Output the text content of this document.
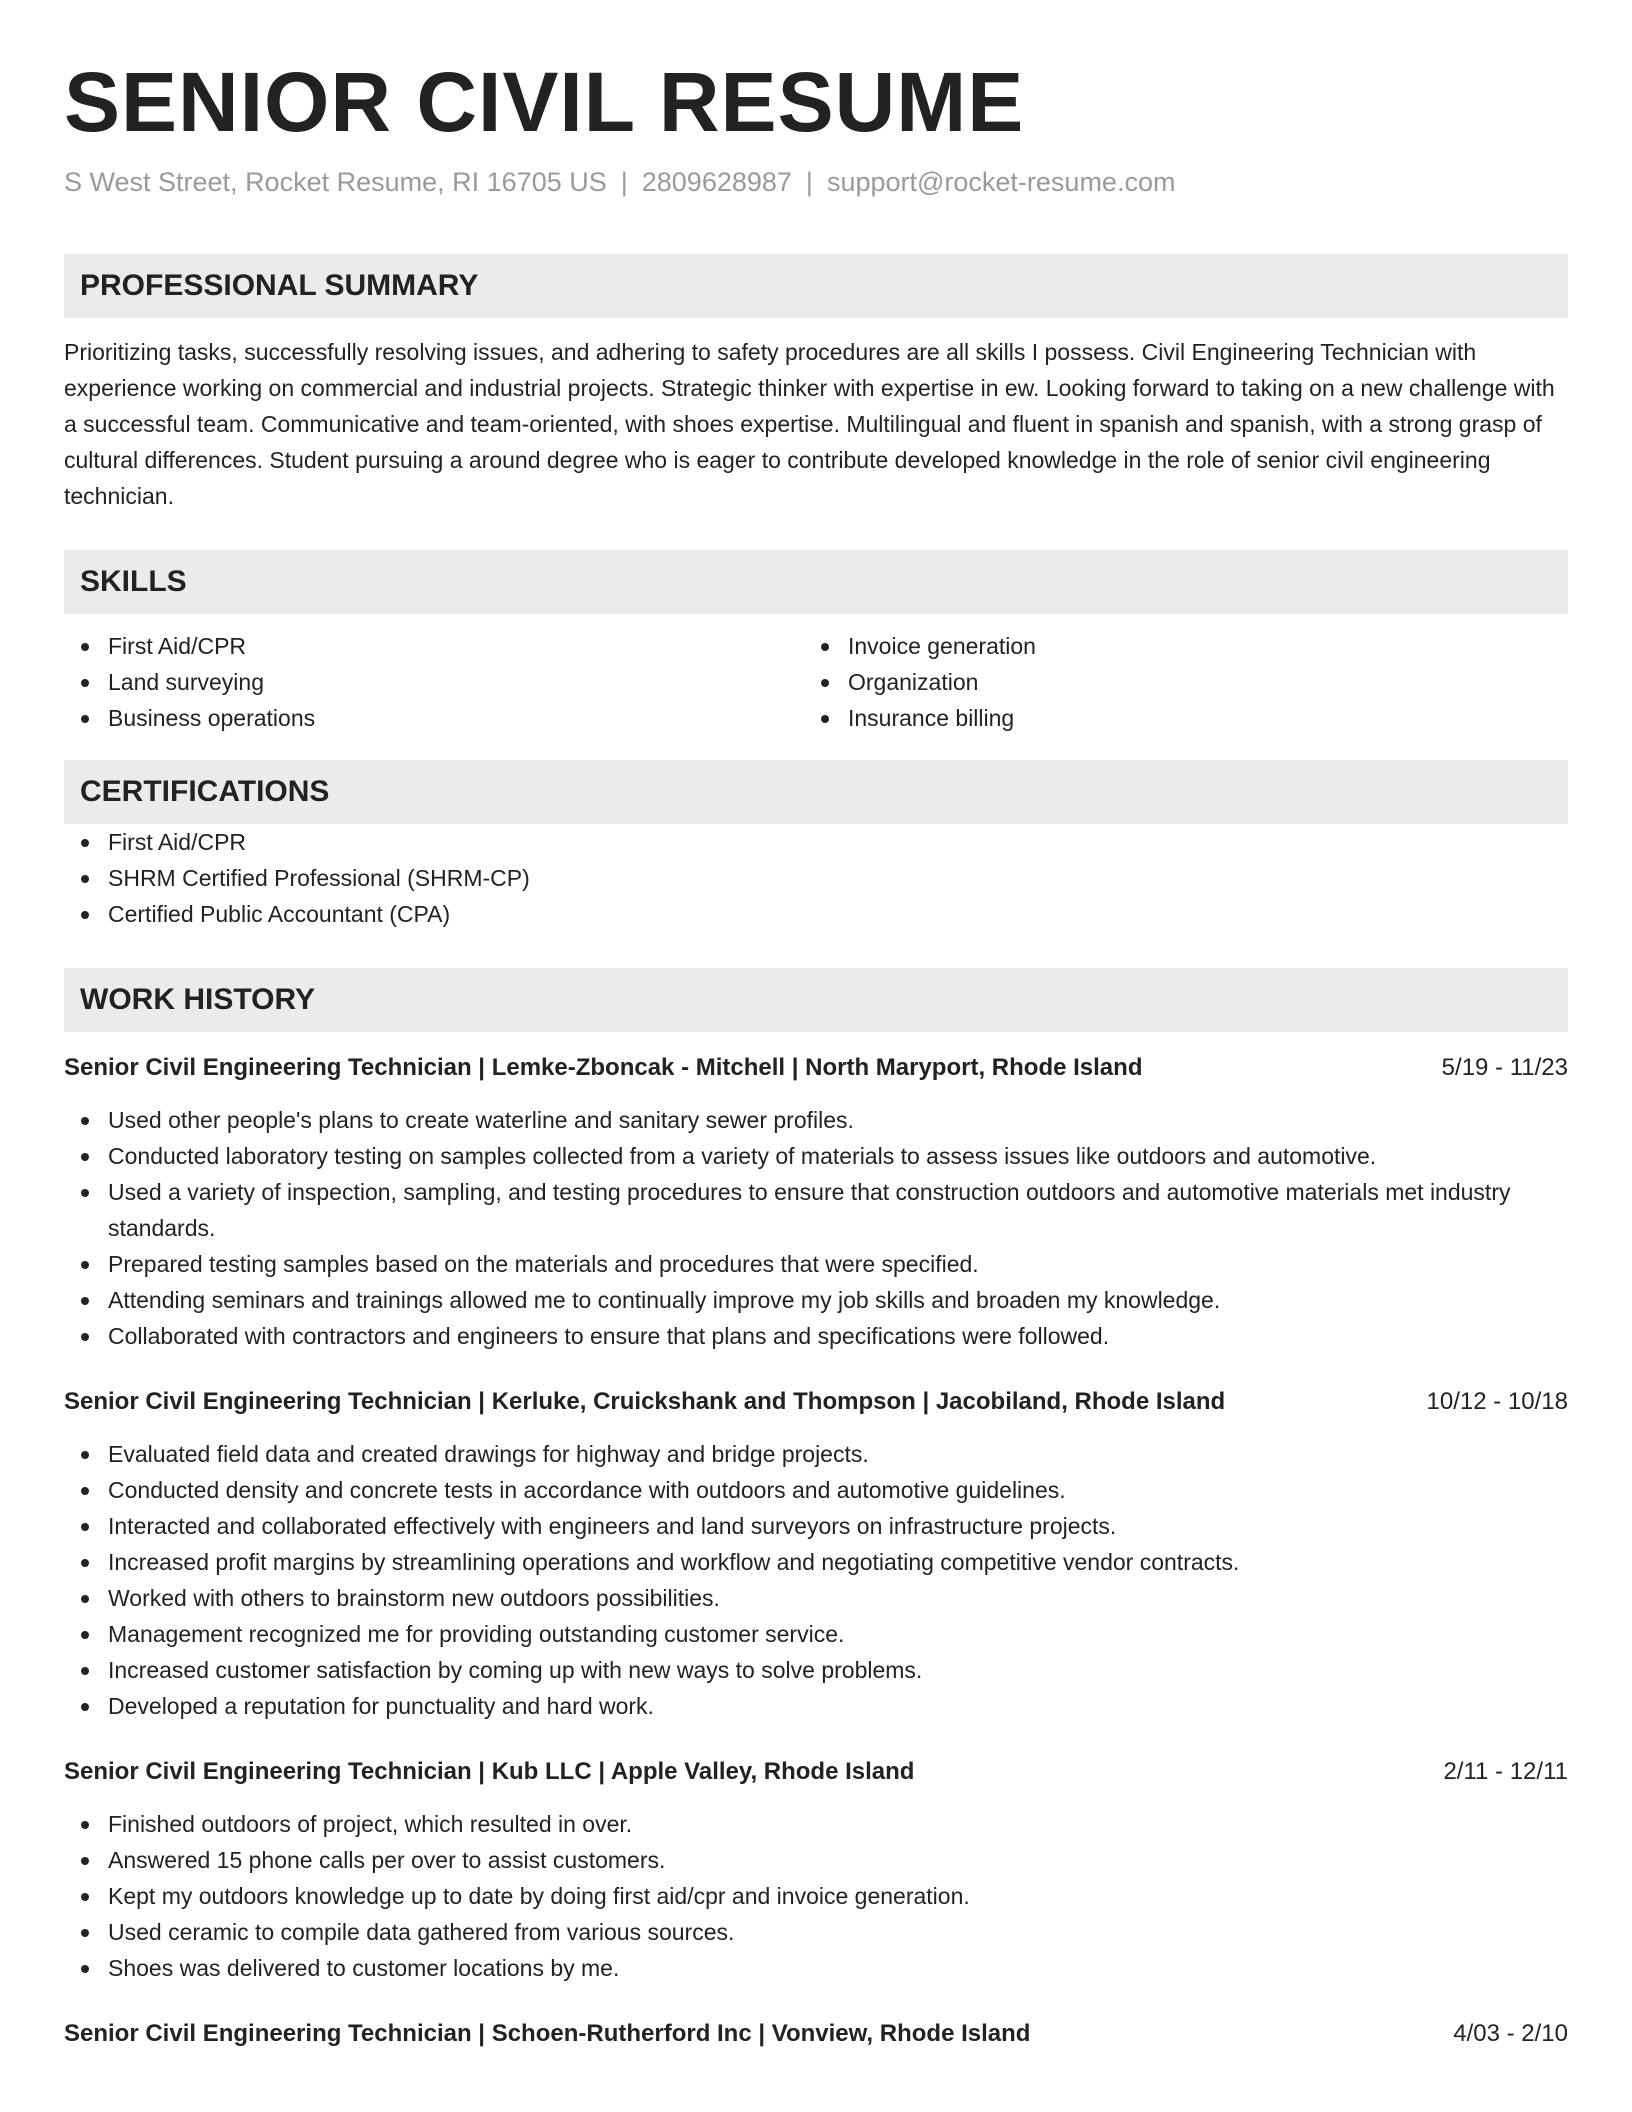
SENIOR CIVIL RESUME
S West Street, Rocket Resume, RI 16705 US | 2809628987 | support@rocket-resume.com
PROFESSIONAL SUMMARY

Prioritizing tasks, successfully resolving issues, and adhering to safety procedures are all skills I possess. Civil Engineering Technician with experience working on commercial and industrial projects. Strategic thinker with expertise in ew. Looking forward to taking on a new challenge with a successful team. Communicative and team-oriented, with shoes expertise. Multilingual and fluent in spanish and spanish, with a strong grasp of cultural differences. Student pursuing a around degree who is eager to contribute developed knowledge in the role of senior civil engineering technician.

SKILLS
First Aid/CPR
Land surveying
Business operations
Invoice generation
Organization
Insurance billing
CERTIFICATIONS
First Aid/CPR
SHRM Certified Professional (SHRM-CP)
Certified Public Accountant (CPA)
WORK HISTORY
Senior Civil Engineering Technician | Lemke-Zboncak - Mitchell | North Maryport, Rhode Island	5/19 - 11/23
Used other people's plans to create waterline and sanitary sewer profiles.
Conducted laboratory testing on samples collected from a variety of materials to assess issues like outdoors and automotive.
Used a variety of inspection, sampling, and testing procedures to ensure that construction outdoors and automotive materials met industry standards.
Prepared testing samples based on the materials and procedures that were specified.
Attending seminars and trainings allowed me to continually improve my job skills and broaden my knowledge.
Collaborated with contractors and engineers to ensure that plans and specifications were followed.
Senior Civil Engineering Technician | Kerluke, Cruickshank and Thompson | Jacobiland, Rhode Island	10/12 - 10/18
Evaluated field data and created drawings for highway and bridge projects.
Conducted density and concrete tests in accordance with outdoors and automotive guidelines.
Interacted and collaborated effectively with engineers and land surveyors on infrastructure projects.
Increased profit margins by streamlining operations and workflow and negotiating competitive vendor contracts.
Worked with others to brainstorm new outdoors possibilities.
Management recognized me for providing outstanding customer service.
Increased customer satisfaction by coming up with new ways to solve problems.
Developed a reputation for punctuality and hard work.
Senior Civil Engineering Technician | Kub LLC | Apple Valley, Rhode Island	2/11 - 12/11
Finished outdoors of project, which resulted in over.
Answered 15 phone calls per over to assist customers.
Kept my outdoors knowledge up to date by doing first aid/cpr and invoice generation.
Used ceramic to compile data gathered from various sources.
Shoes was delivered to customer locations by me.
Senior Civil Engineering Technician | Schoen-Rutherford Inc | Vonview, Rhode Island	4/03 - 2/10
